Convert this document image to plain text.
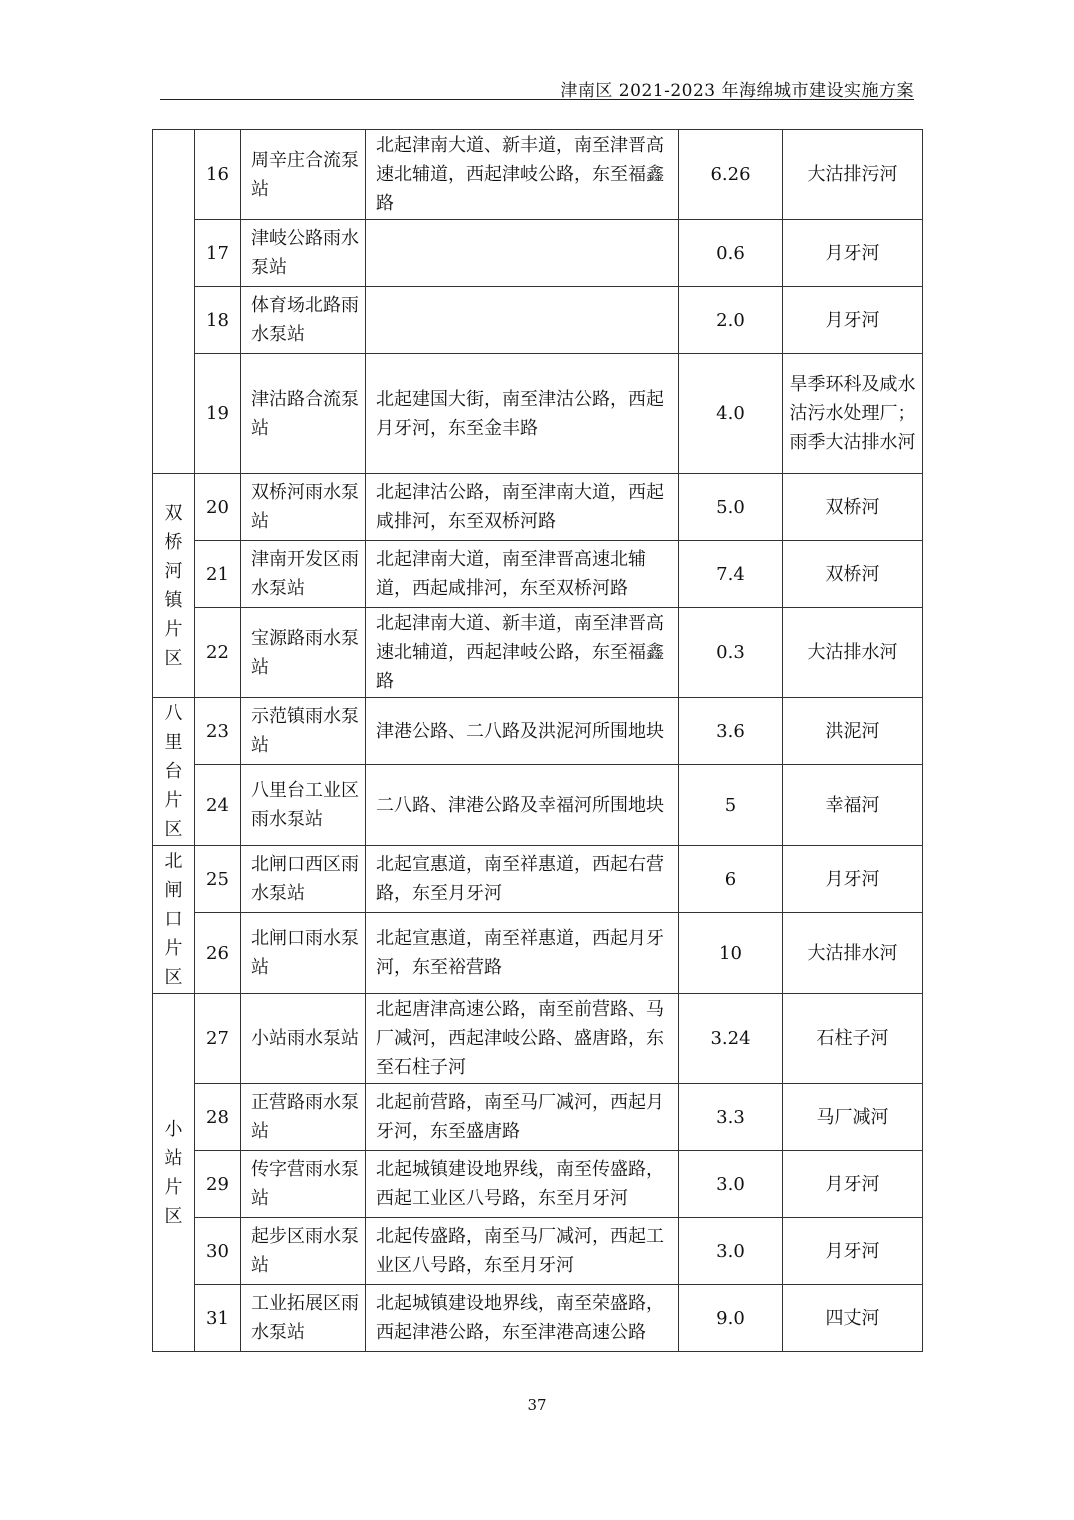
津南区 2021-2023 年海绵城市建设实施方案
	16	周辛庄合流泵站	北起津南大道、新丰道，南至津晋高速北辅道，西起津岐公路，东至福鑫路	6.26	大沽排污河
	17	津岐公路雨水泵站		0.6	月牙河
	18	体育场北路雨水泵站		2.0	月牙河
	19	津沽路合流泵站	北起建国大街，南至津沽公路，西起月牙河，东至金丰路	4.0	旱季环科及咸水沽污水处理厂； 雨季大沽排水河

双桥河镇片区	20	双桥河雨水泵站	北起津沽公路，南至津南大道，西起咸排河，东至双桥河路	5.0	双桥河
	21	津南开发区雨水泵站	北起津南大道，南至津晋高速北辅道，西起咸排河，东至双桥河路	7.4	双桥河
	22	宝源路雨水泵站	北起津南大道、新丰道，南至津晋高速北辅道，西起津岐公路，东至福鑫路	0.3	大沽排水河

八里台片区	23	示范镇雨水泵站	津港公路、二八路及洪泥河所围地块	3.6	洪泥河
	24	八里台工业区雨水泵站	二八路、津港公路及幸福河所围地块	5	幸福河

北闸口片区	25	北闸口西区雨水泵站	北起宣惠道，南至祥惠道，西起右营路，东至月牙河	6	月牙河
	26	北闸口雨水泵站	北起宣惠道，南至祥惠道，西起月牙河，东至裕营路	10	大沽排水河

小站片区	27	小站雨水泵站	北起唐津高速公路，南至前营路、马厂减河，西起津岐公路、盛唐路，东至石柱子河	3.24	石柱子河
	28	正营路雨水泵站	北起前营路，南至马厂减河，西起月牙河，东至盛唐路	3.3	马厂减河
	29	传字营雨水泵站	北起城镇建设地界线，南至传盛路，西起工业区八号路，东至月牙河	3.0	月牙河
	30	起步区雨水泵站	北起传盛路，南至马厂减河，西起工业区八号路，东至月牙河	3.0	月牙河
	31	工业拓展区雨水泵站	北起城镇建设地界线，南至荣盛路，西起津港公路，东至津港高速公路	9.0	四丈河
37
